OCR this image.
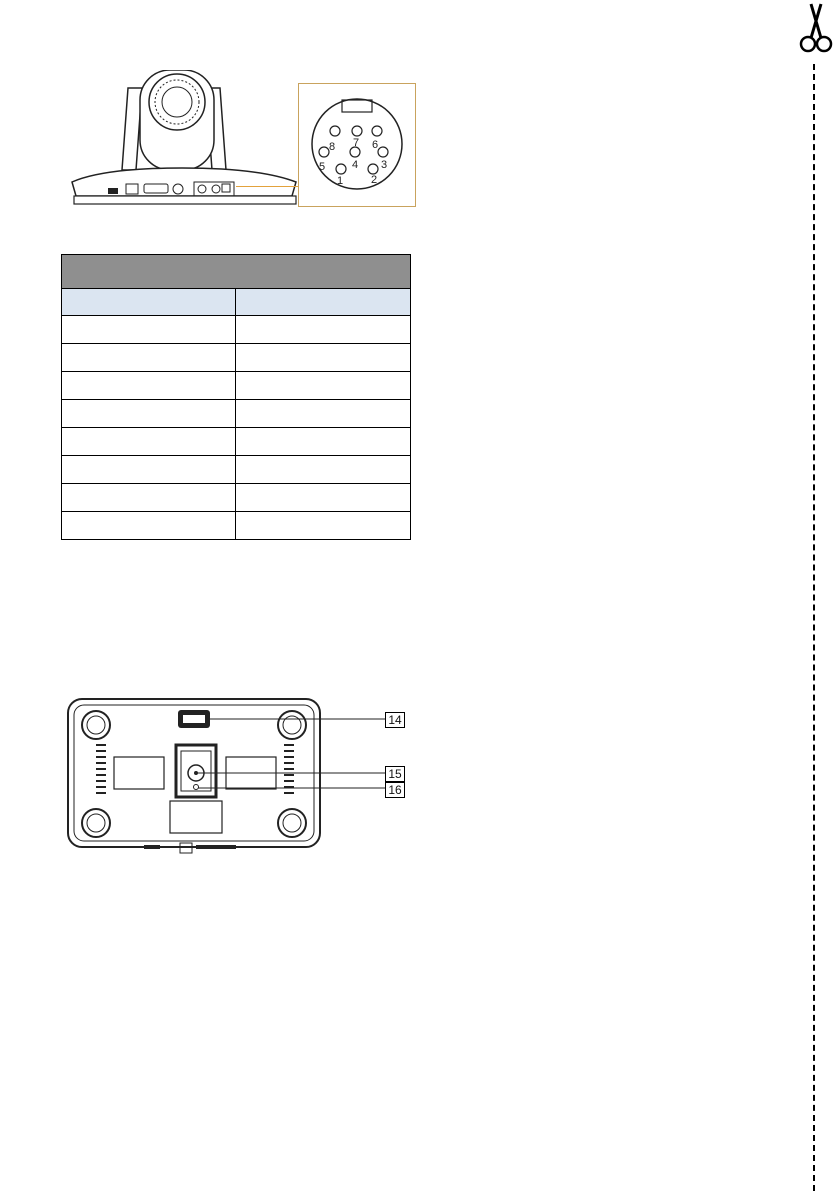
1	2
3
4
5
6
7
8

14
15
16
